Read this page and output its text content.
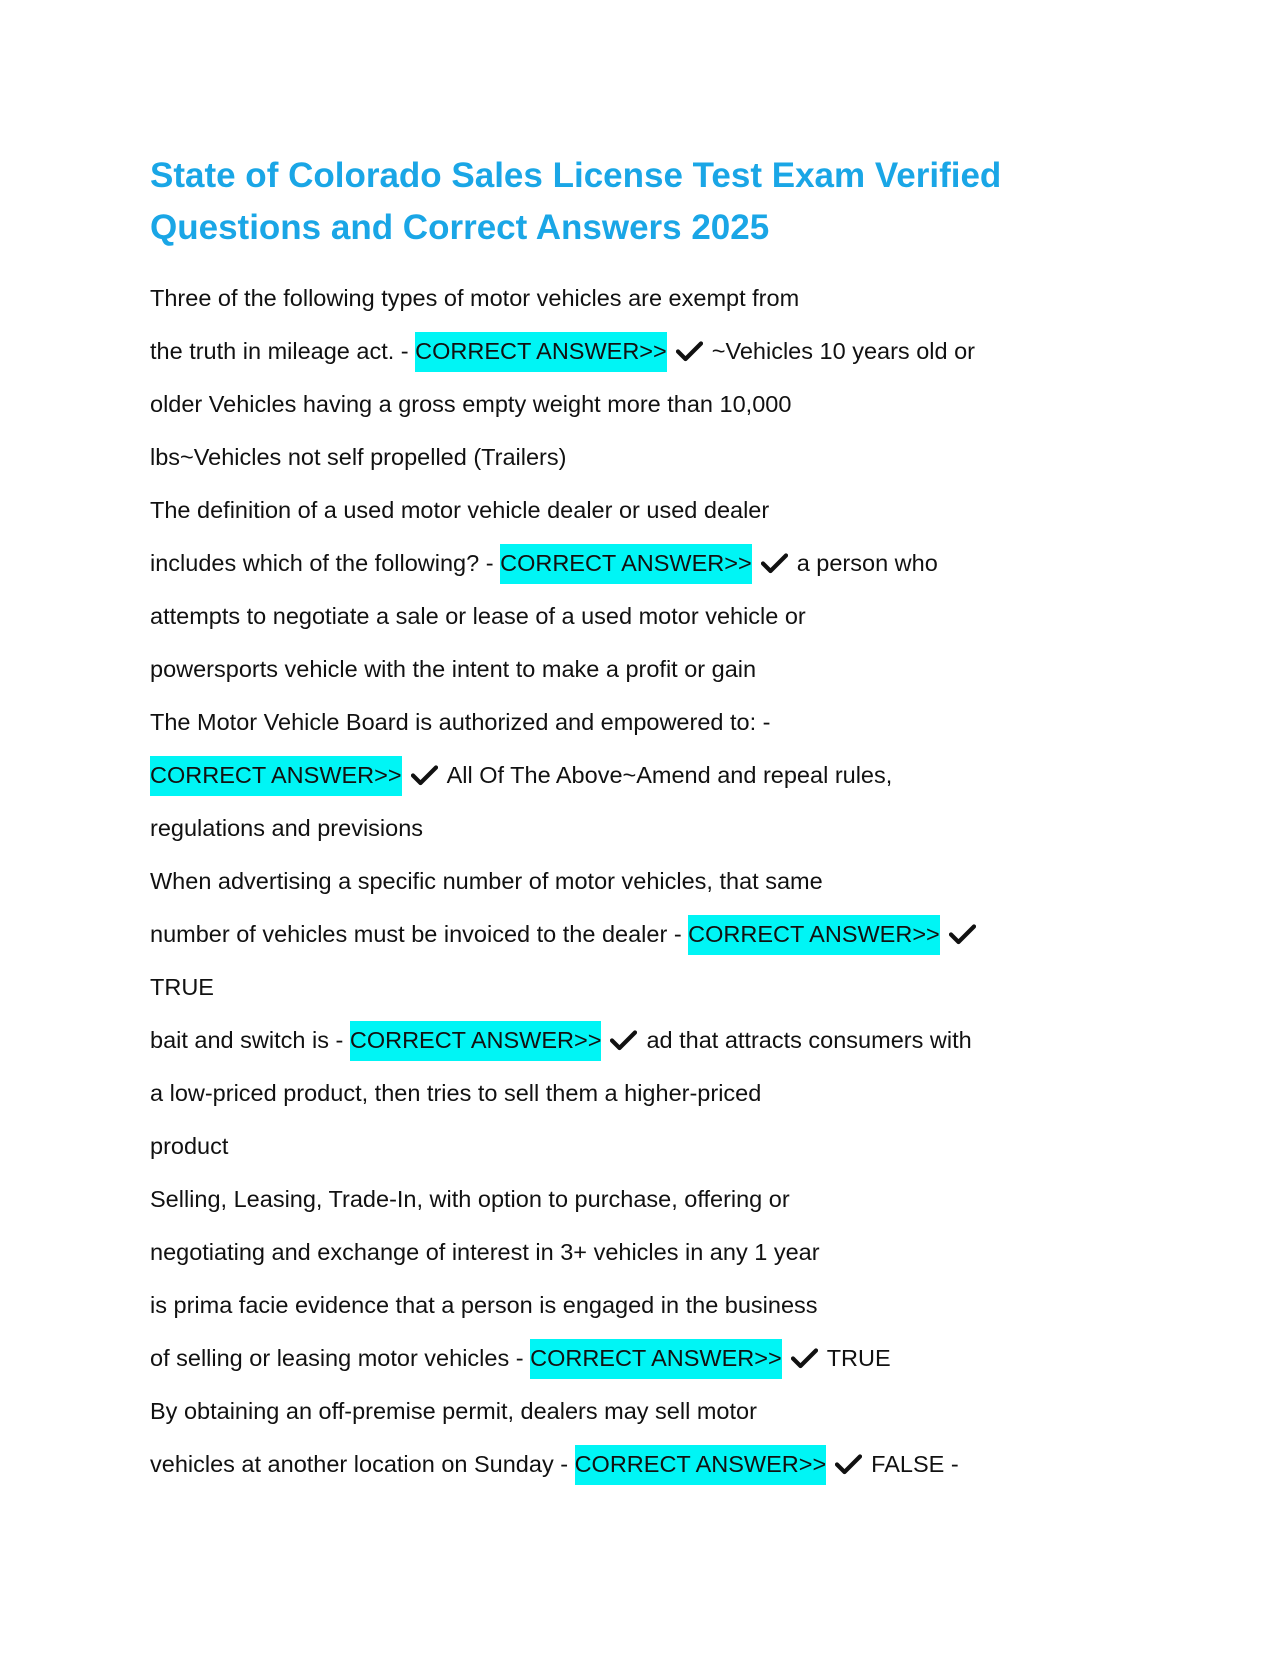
State of Colorado Sales License Test Exam Verified
Questions and Correct Answers 2025
Three of the following types of motor vehicles are exempt from
the truth in mileage act. - CORRECT ANSWER>> ~Vehicles 10 years old or
older Vehicles having a gross empty weight more than 10,000
lbs~Vehicles not self propelled (Trailers)
The definition of a used motor vehicle dealer or used dealer
includes which of the following? - CORRECT ANSWER>> a person who
attempts to negotiate a sale or lease of a used motor vehicle or
powersports vehicle with the intent to make a profit or gain
The Motor Vehicle Board is authorized and empowered to: -
CORRECT ANSWER>> All Of The Above~Amend and repeal rules,
regulations and previsions
When advertising a specific number of motor vehicles, that same
number of vehicles must be invoiced to the dealer - CORRECT ANSWER>>
TRUE
bait and switch is - CORRECT ANSWER>> ad that attracts consumers with
a low-priced product, then tries to sell them a higher-priced
product
Selling, Leasing, Trade-In, with option to purchase, offering or
negotiating and exchange of interest in 3+ vehicles in any 1 year
is prima facie evidence that a person is engaged in the business
of selling or leasing motor vehicles - CORRECT ANSWER>> TRUE
By obtaining an off-premise permit, dealers may sell motor
vehicles at another location on Sunday - CORRECT ANSWER>> FALSE -
